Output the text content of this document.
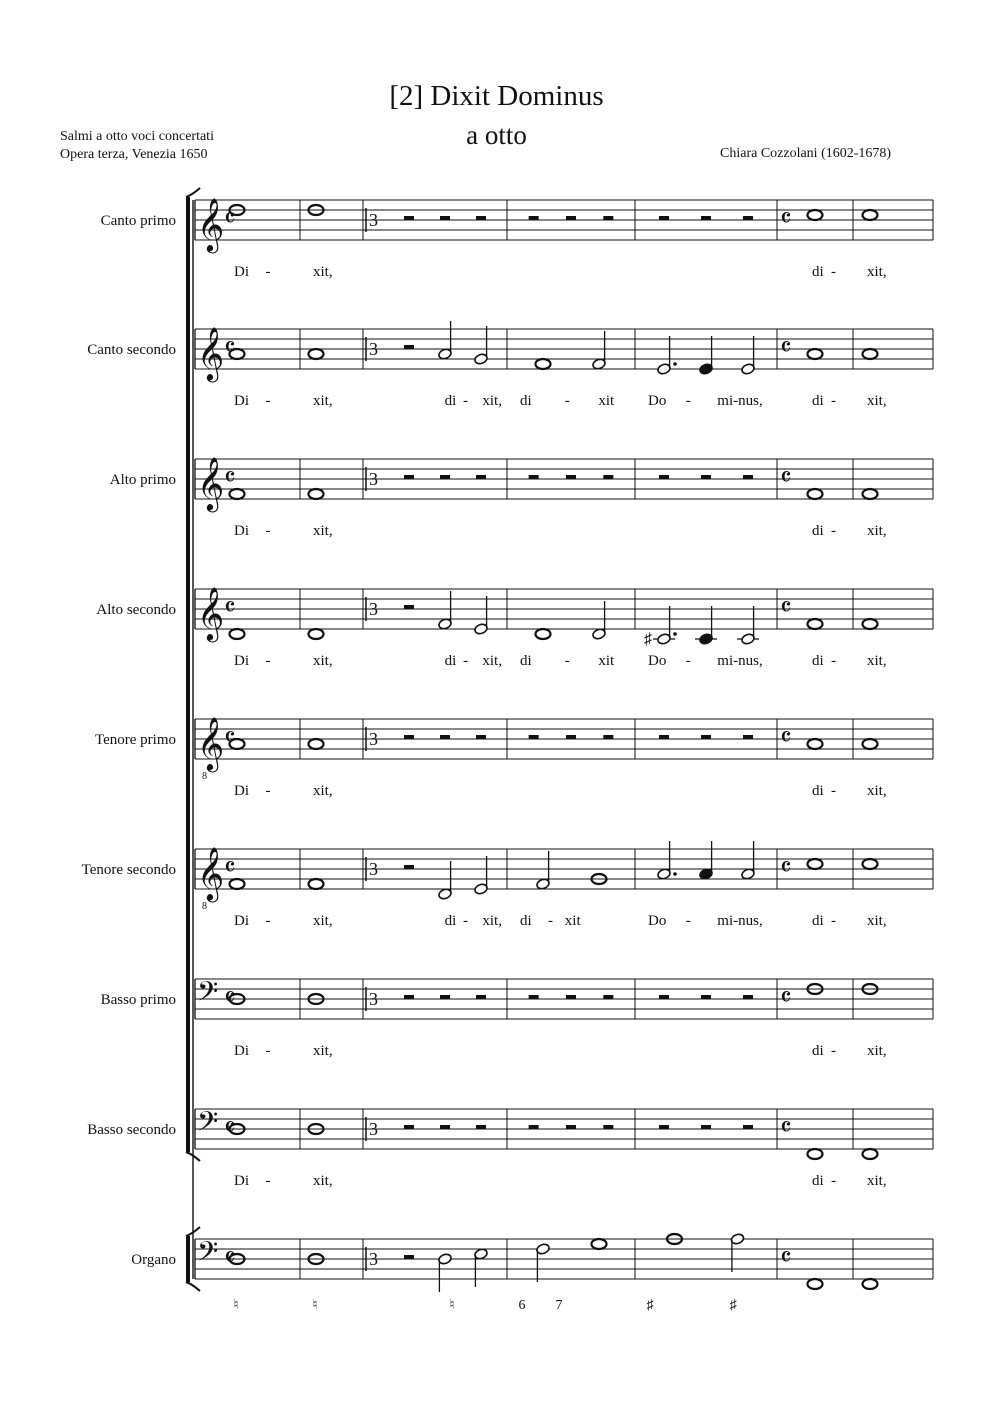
[2] Dixit Dominus
a otto
Salmi a otto voci concertati
Opera terza, Venezia 1650	Chiara Cozzolani (1602-1678)
Canto primo 𝄞 𝄴	3	𝄴
Di -	xit,	di - xit,
Canto secondo 𝄞 𝄴	3	𝄴
Di -	xit,	di - xit, di - xit Do - mi-nus,	di - xit,
Alto primo 𝄞 𝄴	3	𝄴
Di -	xit,	di - xit,
Alto secondo 𝄞 𝄴	3
♯
𝄴
Di -	xit,	di - xit, di - xit Do - mi-nus,	di - xit,
Tenore primo 𝄞
8
𝄴	3	𝄴
Di -	xit,	di - xit,
Tenore secondo 𝄞
8
𝄴	3	𝄴
Di -	xit,	di - xit, di - xit	Do - mi-nus,	di - xit,
Basso primo 𝄢 𝄴	3	𝄴
Di -	xit,	di - xit,
Basso secondo 𝄢 𝄴	3	𝄴
Di -	xit,	di - xit,
Organo 𝄢 𝄴	3	𝄴
♮	♮	♮	6 7	♯	♯
